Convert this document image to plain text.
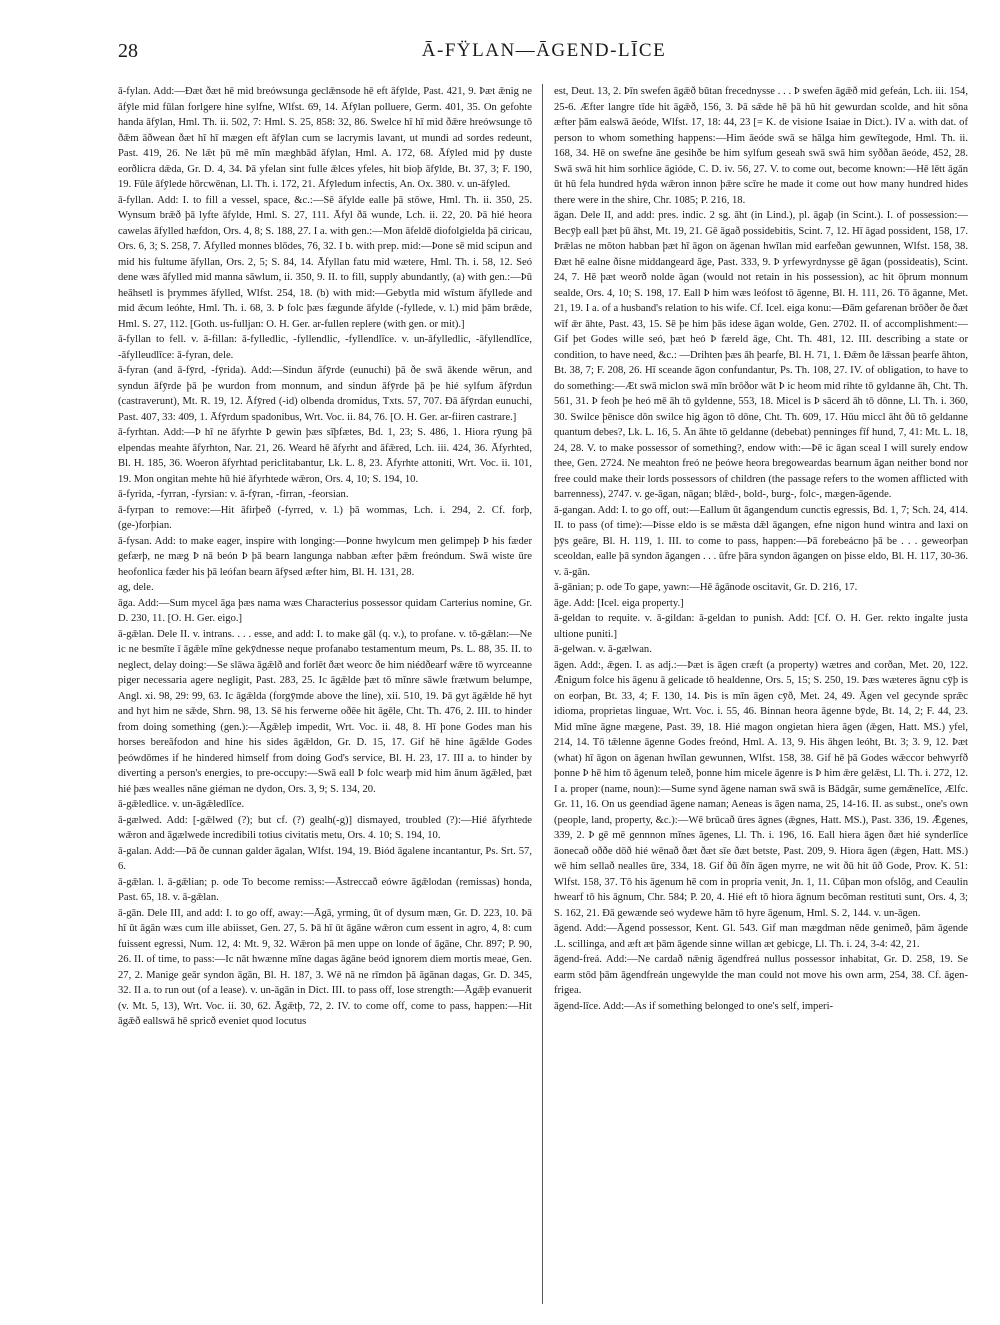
28	Ā-FŸLAN—ĀGEND-LĪCE

ā-fylan. Add:—Ðæt ðæt hē mid breówsunga geclǣnsode hē eft āfȳlde, Past. 421, 9. Þæt ǣnig ne āfȳle mid fūlan forlgere hine sylfne, Wlfst. 69, 14. Āfȳlan polluere, Germ. 401, 35. On gefohte handa āfȳlan, Hml. Th. ii. 502, 7: Hml. S. 25, 858: 32, 86. Swelce hī hī mid ðǣre hreówsunge tō ðǣm āðwean ðæt hī hī mægen eft āfȳlan cum se lacrymis lavant, ut mundi ad sordes redeunt, Past. 419, 26. Ne lǣt þū mē mīn mæghbād āfȳlan, Hml. A. 172, 68. Āfȳled mid þȳ duste eorðlicra dǣda, Gr. D. 4, 34. Þā yfelan sint fulle ǣlces yfeles, hit bioþ āfȳlde, Bt. 37, 3; F. 190, 19. Fūle āfȳlede hōrcwēnan, Ll. Th. i. 172, 21. Āfȳledum infectis, An. Ox. 380. v. un-āfȳled.

ā-fyllan. Add: I. to fill a vessel, space, &c.:—Sē āfylde ealle þā stōwe, Hml. Th. ii. 350, 25. Wynsum brǣð þā lyfte āfylde, Hml. S. 27, 111. Āfyl ðā wunde, Lch. ii. 22, 20. Þā hié heora cawelas āfylled hæfdon, Ors. 4, 8; S. 188, 27. I a. with gen.:—Mon āfeldē diofolgielda þā ciricau, Ors. 6, 3; S. 258, 7. Āfylled monnes blōdes, 76, 32. I b. with prep. mid:—Þone sē mid scipun and mid his fultume āfyllan, Ors. 2, 5; S. 84, 14. Āfyllan fatu mid wætere, Hml. Th. i. 58, 12. Seó dene wæs āfylled mid manna sāwlum, ii. 350, 9. II. to fill, supply abundantly, (a) with gen.:—Þū heāhsetl is þrymmes āfylled, Wlfst. 254, 18. (b) with mid:—Gebytla mid wīstum āfyllede and mid ǣcum leóhte, Hml. Th. i. 68, 3. Þ folc þæs fægunde āfylde (-fyllede, v. l.) mid þām brǣde, Hml. S. 27, 112. [Goth. us-fulljan: O. H. Ger. ar-fullen replere (with gen. or mit).]

ā-fyllan to fell. v. ā-fillan: ā-fylledlic, -fyllendlic, -fyllendlīce. v. un-āfylledlic, -āfyllendlīce, -āfylleudlīce: ā-fyran, dele.

ā-fyran (and ā-fȳrd, -fȳrida). Add:—Sindun āfȳrde (eunuchi) þā ðe swā ākende wērun, and syndun āfȳrde þā þe wurdon from monnum, and sindun āfȳrde þā þe hié sylfum āfȳrdun (castraverunt), Mt. R. 19, 12. Āfȳred (-id) olbenda dromidus, Txts. 57, 707. Ðā āfȳrdan eunuchi, Past. 407, 33: 409, 1. Āfȳrdum spadonibus, Wrt. Voc. ii. 84, 76. [O. H. Ger. ar-fiiren castrare.]

ā-fyrhtan. Add:—Þ hī ne āfyrhte Þ gewin þæs sīþfætes, Bd. 1, 23; S. 486, 1. Hiora rȳung þā elpendas meahte āfyrhton, Nar. 21, 26. Weard hē āfyrht and āfǣred, Lch. iii. 424, 36. Āfyrhted, Bl. H. 185, 36. Woeron āfyrhtad periclitabantur, Lk. L. 8, 23. Āfyrhte attoniti, Wrt. Voc. ii. 101, 19. Mon ongitan mehte hū hié āfyrhtede wǣron, Ors. 4, 10; S. 194, 10.

ā-fyrida, -fyrran, -fyrsian: v. ā-fȳran, -firran, -feorsian.

ā-fyrpan to remove:—Hit āfirþeð (-fyrred, v. l.) þā wommas, Lch. i. 294, 2. Cf. forþ, (ge-)forþian.

ā-fysan. Add: to make eager, inspire with longing:—Þonne hwylcum men gelimpeþ Þ his fæder gefærþ, ne mæg Þ nā beón Þ þā bearn langunga nabban æfter þǣm freóndum. Swā wiste ūre heofonlica fæder his þā leófan bearn āfȳsed æfter him, Bl. H. 131, 28.

ag, dele.

āga. Add:—Sum mycel āga þæs nama wæs Characterius possessor quidam Carterius nomine, Gr. D. 230, 11. [O. H. Ger. eigo.]

ā-gǣlan. Dele II. v. intrans. . . . esse, and add: I. to make gāl (q. v.), to profane. v. tō-gǣlan:—Ne ic ne besmīte ī āgǣle mīne gekȳdnesse neque profanabo testamentum meum, Ps. L. 88, 35. II. to neglect, delay doing:—Se slāwa āgǣlð and forlēt ðæt weorc ðe him niédðearf wǣre tō wyrceanne piger necessaria agere negligit, Past. 283, 25. Ic āgǣlde þæt tō mīnre sāwle frætwum belumpe, Angl. xi. 98, 29: 99, 63. Ic āgǣlda (forgȳmde above the line), xii. 510, 19. Þā gyt āgǣlde hē hyt and hyt him ne sǣde, Shrn. 98, 13. Sē his ferwerne oðēe hit āgēle, Cht. Th. 476, 2. III. to hinder from doing something (gen.):—Āgǣleþ impedit, Wrt. Voc. ii. 48, 8. Hī þone Godes man his horses bereāfodon and hine his sides āgǣldon, Gr. D. 15, 17. Gif hē hine āgǣlde Godes þeówdōmes if he hindered himself from doing God's service, Bl. H. 23, 17. III a. to hinder by diverting a person's energies, to pre-occupy:—Swā eall Þ folc wearþ mid him ānum āgǣled, þæt hié þæs wealles nāne giéman ne dydon, Ors. 3, 9; S. 134, 20.

ā-gǣledlice. v. un-āgǣledlīce.

ā-gælwed. Add: [-gǣlwed (?); but cf. (?) gealh(-g)] dismayed, troubled (?):—Hié āfyrhtede wǣron and āgælwede incredibili totius civitatis metu, Ors. 4. 10; S. 194, 10.

ā-galan. Add:—Þā ðe cunnan galder āgalan, Wlfst. 194, 19. Biód āgalene incantantur, Ps. Srt. 57, 6.

ā-gǣlan. l. ā-gǣlian; p. ode To become remiss:—Āstreccað eówre āgǣlodan (remissas) honda, Past. 65, 18. v. ā-gǣlan.

ā-gān. Dele III, and add: I. to go off, away:—Āgā, yrming, ūt of dysum mæn, Gr. D. 223, 10. Þā hī ūt āgān wæs cum ille abiisset, Gen. 27, 5. Þā hī ūt āgāne wǣron cum essent in agro, 4, 8: cum fuissent egressi, Num. 12, 4: Mt. 9, 32. Wǣron þā men uppe on londe of āgāne, Chr. 897; P. 90, 26. II. of time, to pass:—Ic nāt hwænne mīne dagas āgāne beód ignorem diem mortis meae, Gen. 27, 2. Manige geār syndon āgān, Bl. H. 187, 3. Wē nā ne rīmdon þā āgānan dagas, Gr. D. 345, 32. II a. to run out (of a lease). v. un-āgān in Dict. III. to pass off, lose strength:—Āgǣþ evanuerit (v. Mt. 5, 13), Wrt. Voc. ii. 30, 62. Āgǣtþ, 72, 2. IV. to come off, come to pass, happen:—Hit āgǣð eallswā hē spricð eveniet quod locutus

est, Deut. 13, 2. Þīn swefen āgǣð būtan frecednysse . . . Þ swefen āgǣð mid gefeán, Lch. iii. 154, 25-6. Æfter langre tīde hit āgǣð, 156, 3. Þā sǣde hē þā hū hit gewurdan scolde, and hit sōna æfter þām ealswā āeóde, Wlfst. 17, 18: 44, 23 [= K. de visione Isaiae in Dict.). IV a. with dat. of person to whom something happens:—Him āeóde swā se hālga him gewītegode, Hml. Th. ii. 168, 34. Hē on swefne āne gesihðe be him sylfum geseah swā swā him syððan āeóde, 452, 28. Swā swā hit him sorhlice āgióde, C. D. iv. 56, 27. V. to come out, become known:—Hē lētt āgān ūt hū fela hundred hȳda wǣron innon þǣre scīre he made it come out how many hundred hides there were in the shire, Chr. 1085; P. 216, 18.

āgan. Dele II, and add: pres. indic. 2 sg. āht (in Lind.), pl. āgaþ (in Scint.). I. of possession:—Becȳþ eall þæt þū āhst, Mt. 19, 21. Gē āgað possidebitis, Scint. 7, 12. Hī āgad possident, 158, 17. Þrǣlas ne mōton habban þæt hī āgon on āgenan hwīlan mid earfeðan gewunnen, Wlfst. 158, 38. Ðæt hē ealne ðisne middangeard āge, Past. 333, 9. Þ yrfewyrdnysse gē āgan (possideatis), Scint. 24, 7. Hē þæt weorð nolde āgan (would not retain in his possession), ac hit ōþrum monnum sealde, Ors. 4, 10; S. 198, 17. Eall Þ him wæs leófost tō āgenne, Bl. H. 111, 26. Tō āganne, Met. 21, 19. I a. of a husband's relation to his wife. Cf. Icel. eiga konu:—Ðām gefarenan brōðer ðe ðæt wīf ǣr āhte, Past. 43, 15. Sē þe him þās idese āgan wolde, Gen. 2702. II. of accomplishment:—Gif þet Godes wille seó, þæt heó Þ færeld āge, Cht. Th. 481, 12. III. describing a state or condition, to have need, &c.: —Drihten þæs āh þearfe, Bl. H. 71, 1. Ðǣm ðe lǣssan þearfe āhton, Bt. 38, 7; F. 208, 26. Hī sceande āgon confundantur, Ps. Th. 108, 27. IV. of obligation, to have to do something:—Æt swā miclon swā mīn brōðor wāt Þ ic heom mid rihte tō gyldanne āh, Cht. Th. 561, 31. Þ feoh þe heó mē āh tō gyldenne, 553, 18. Micel is Þ sācerd āh tō dōnne, Ll. Th. i. 360, 30. Swilce þēnisce dōn swilce hig āgon tō dōne, Cht. Th. 609, 17. Hūu miccl āht ðū tō geldanne quantum debes?, Lk. L. 16, 5. Ān āhte tō geldanne (debebat) penninges fīf hund, 7, 41: Mt. L. 18, 24, 28. V. to make possessor of something?, endow with:—Þē ic āgan sceal I will surely endow thee, Gen. 2724. Ne meahton freó ne þeówe heora bregowеardas bearnum āgan neither bond nor free could make their lords possessors of children (the passage refers to the women afflicted with barrenness), 2747. v. ge-āgan, nāgan; blǣd-, bold-, burg-, folc-, mægen-āgende.

ā-gangan. Add: I. to go off, out:—Eallum ūt āgangendum cunctis egressis, Bd. 1, 7; Sch. 24, 414. II. to pass (of time):—Þisse eldo is se mǣsta dǣl āgangen, efne nigon hund wintra and laxi on þȳs geāre, Bl. H. 119, 1. III. to come to pass, happen:—Þā forebeácno þā be . . . geweorþan sceoldan, ealle þā syndon āgangen . . . ūfre þāra syndon āgangen on þisse eldo, Bl. H. 117, 30-36. v. ā-gān.

ā-gānian; p. ode To gape, yawn:—Hē āgānode oscitavit, Gr. D. 216, 17.

āge. Add: [Icel. eiga property.]

ā-geldan to requite. v. ā-gildan: ā-geldan to punish. Add: [Cf. O. H. Ger. rekto ingalte justa ultione puniti.]

ā-gelwan. v. ā-gælwan.

āgen. Add:, ǣgen. I. as adj.:—Þæt is āgen cræft (a property) wætres and corðan, Met. 20, 122. Ǣnigum folce his āgenu ā gelicade tō healdenne, Ors. 5, 15; S. 250, 19. Þæs wæteres āgnu cȳþ is on eorþan, Bt. 33, 4; F. 130, 14. Þis is mīn āgen cȳð, Met. 24, 49. Āgen vel gecynde sprǣc idioma, proprietas linguae, Wrt. Voc. i. 55, 46. Binnan heora āgenne bȳde, Bt. 14, 2; F. 44, 23. Mid mīne āgne mægene, Past. 39, 18. Hié magon ongietan hiera āgen (ǣgen, Hatt. MS.) yfel, 214, 14. Tō tǣlenne āgenne Godes freónd, Hml. A. 13, 9. His āhgen leóht, Bt. 3; 3. 9, 12. Þæt (what) hī āgon on āgenan hwīlan gewunnen, Wlfst. 158, 38. Gif hē þā Godes wǣccor behwyrfð þonne Þ hē him tō āgenum teleð, þonne him micele āgenre is Þ him ǣre gelǣst, Ll. Th. i. 272, 12. I a. proper (name, noun):—Sume synd āgene naman swā swā is Bādgār, sume gemǣnelīce, Ælfc. Gr. 11, 16. On us geendiad āgene naman; Aeneas is āgen nama, 25, 14-16. II. as subst., one's own (people, land, property, &c.):—Wē brūcað ūres āgnes (ǣgnes, Hatt. MS.), Past. 336, 19. Ǣgenes, 339, 2. Þ gē mē gennnon mīnes āgenes, Ll. Th. i. 196, 16. Eall hiera āgen ðæt hié synderlīce āonecað oððe dōð hié wēnað ðæt ðæt sīe ðæt betste, Past. 209, 9. Hiora āgen (ǣgen, Hatt. MS.) wē him sellað nealles ūre, 334, 18. Gif ðū ðīn āgen myrre, ne wit ðū hit ūð Gode, Prov. K. 51: Wlfst. 158, 37. Tō his āgenum hē com in propria venit, Jn. 1, 11. Cūþan mon ofslōg, and Ceaulin hwearf tō his āgnum, Chr. 584; P. 20, 4. Hié eft tō hiora āgnum becōman restituti sunt, Ors. 4, 3; S. 162, 21. Ðā gewænde seó wydewe hām tō hyre āgenum, Hml. S. 2, 144. v. un-āgen.

āgend. Add:—Āgend possessor, Kent. Gl. 543. Gif man mægdman nēde genimeð, þām āgende .L. scillinga, and æft æt þām āgende sinne willan æt gebicge, Ll. Th. i. 24, 3-4: 42, 21.

āgend-freá. Add:—Ne cardað nǣnig āgendfreá nullus possessor inhabitat, Gr. D. 258, 19. Se earm stōd þām āgendfreán ungewylde the man could not move his own arm, 254, 38. Cf. āgen-frigea.

āgend-līce. Add:—As if something belonged to one's self, imperi-
